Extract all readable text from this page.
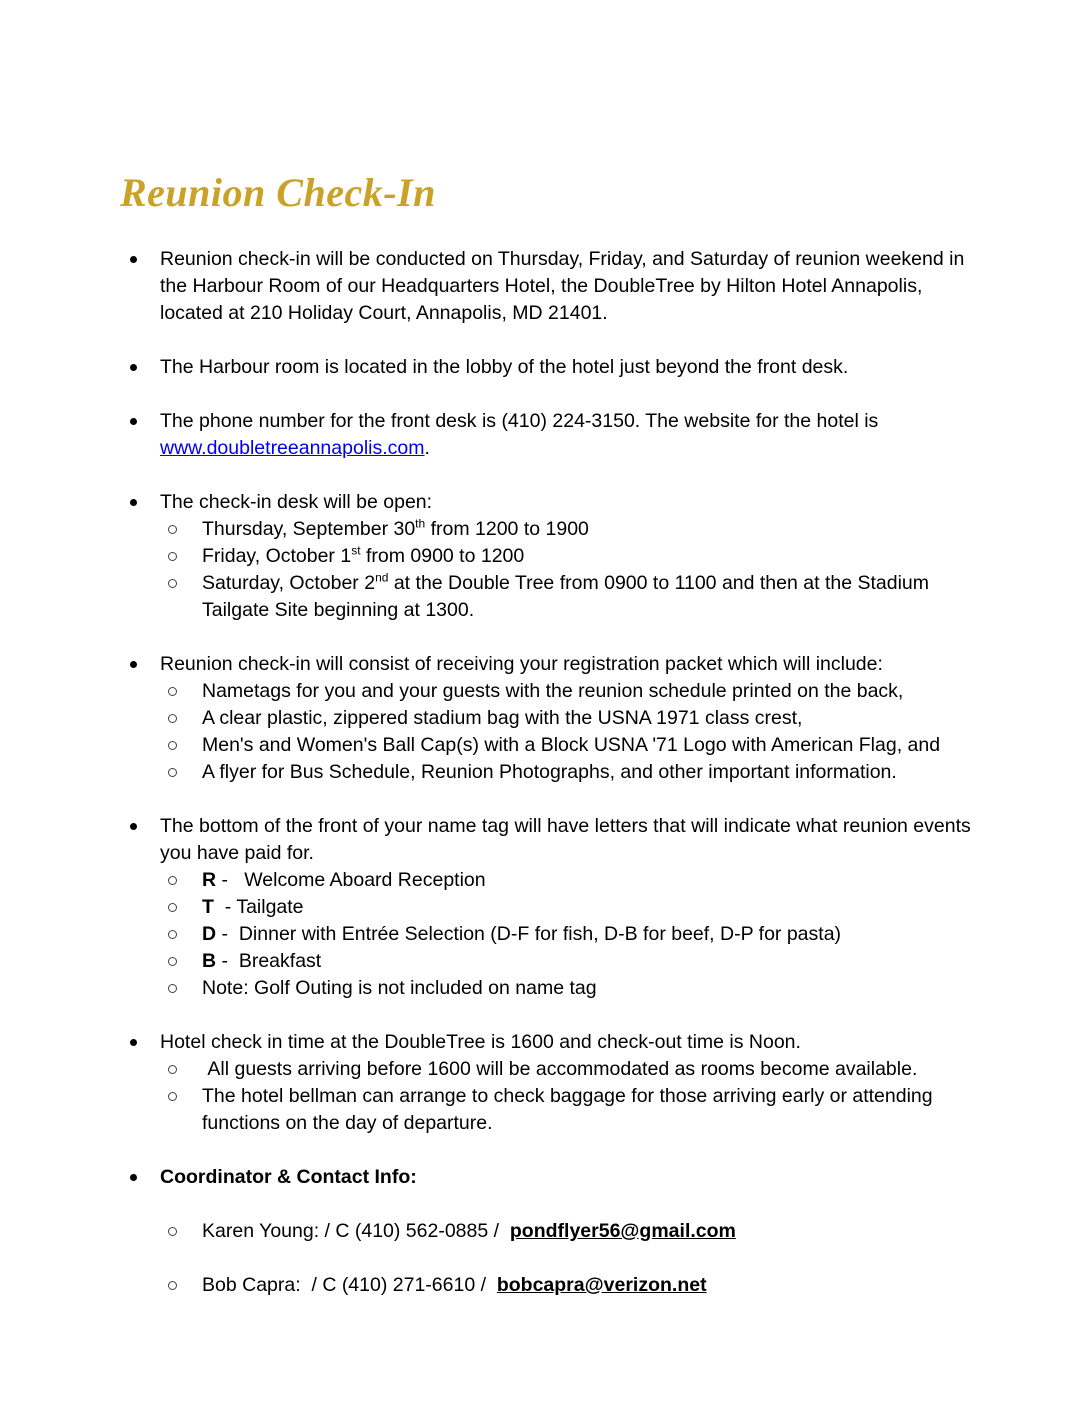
Reunion Check-In
Reunion check-in will be conducted on Thursday, Friday, and Saturday of reunion weekend in the Harbour Room of our Headquarters Hotel, the DoubleTree by Hilton Hotel Annapolis, located at 210 Holiday Court, Annapolis, MD 21401.
The Harbour room is located in the lobby of the hotel just beyond the front desk.
The phone number for the front desk is (410) 224-3150. The website for the hotel is www.doubletreeannapolis.com.
The check-in desk will be open:
Thursday, September 30th from 1200 to 1900
Friday, October 1st from 0900 to 1200
Saturday, October 2nd at the Double Tree from 0900 to 1100 and then at the Stadium Tailgate Site beginning at 1300.
Reunion check-in will consist of receiving your registration packet which will include:
Nametags for you and your guests with the reunion schedule printed on the back,
A clear plastic, zippered stadium bag with the USNA 1971 class crest,
Men's and Women's Ball Cap(s) with a Block USNA '71 Logo with American Flag, and
A flyer for Bus Schedule, Reunion Photographs, and other important information.
The bottom of the front of your name tag will have letters that will indicate what reunion events you have paid for.
R -   Welcome Aboard Reception
T  - Tailgate
D -  Dinner with Entrée Selection (D-F for fish, D-B for beef, D-P for pasta)
B -  Breakfast
Note: Golf Outing is not included on name tag
Hotel check in time at the DoubleTree is 1600 and check-out time is Noon.
All guests arriving before 1600 will be accommodated as rooms become available.
The hotel bellman can arrange to check baggage for those arriving early or attending functions on the day of departure.
Coordinator & Contact Info:
Karen Young: / C (410) 562-0885 /  pondflyer56@gmail.com
Bob Capra:  / C (410) 271-6610 /  bobcapra@verizon.net
